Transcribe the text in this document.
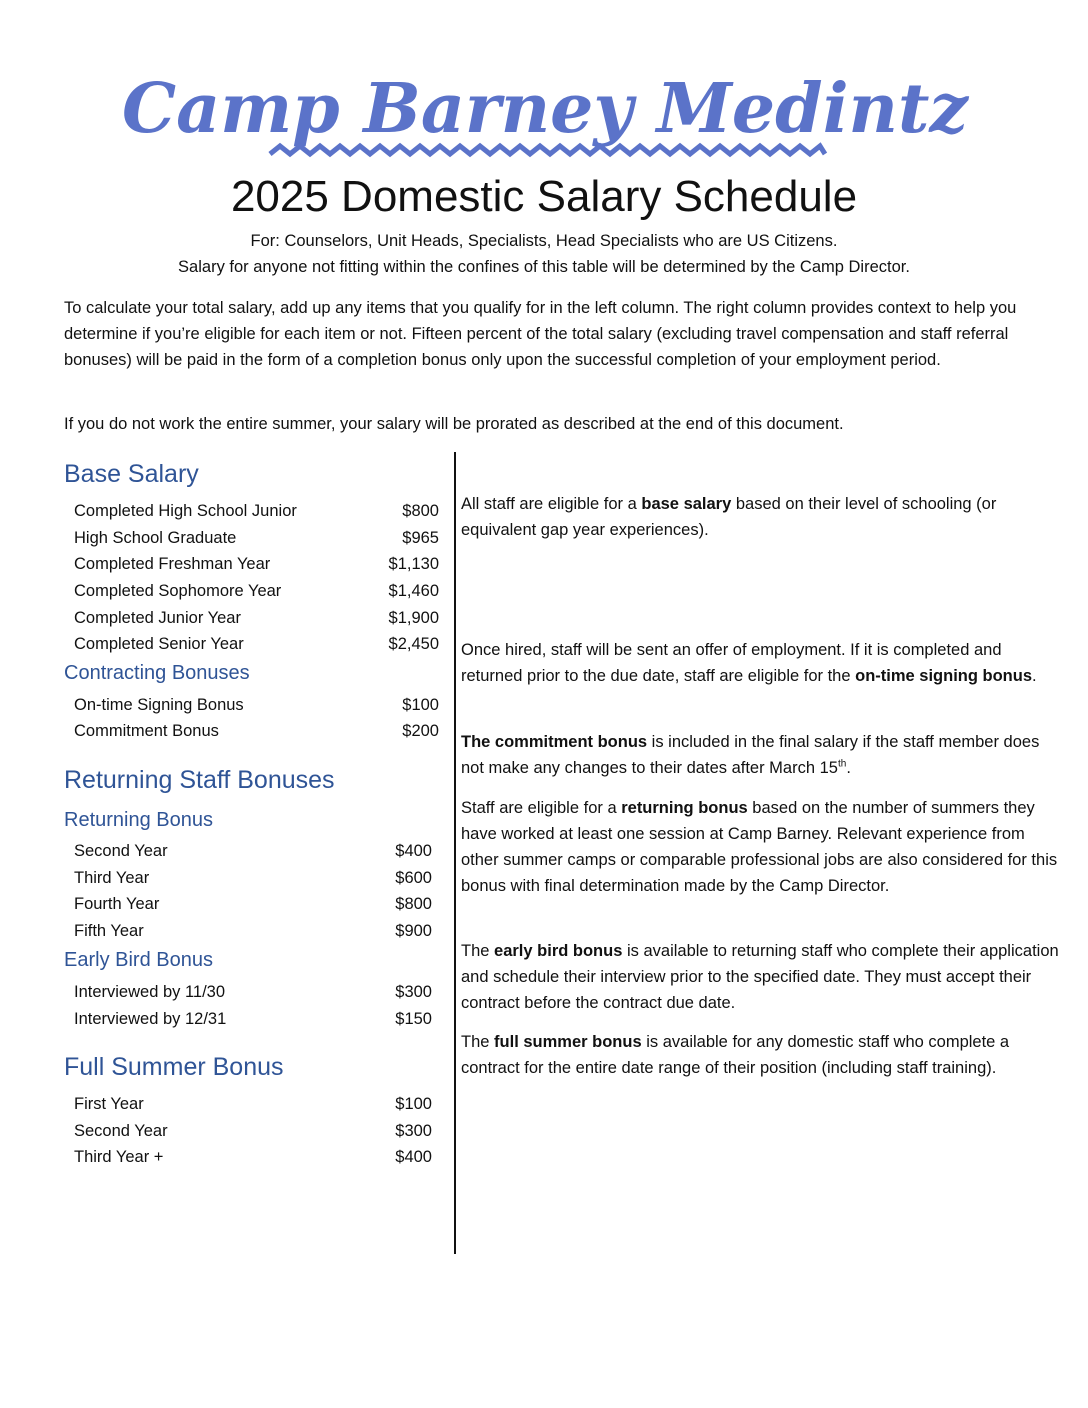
Camp Barney Medintz
2025 Domestic Salary Schedule
For: Counselors, Unit Heads, Specialists, Head Specialists who are US Citizens.
Salary for anyone not fitting within the confines of this table will be determined by the Camp Director.

To calculate your total salary, add up any items that you qualify for in the left column. The right column provides context to help you determine if you’re eligible for each item or not. Fifteen percent of the total salary (excluding travel compensation and staff referral bonuses) will be paid in the form of a completion bonus only upon the successful completion of your employment period.

If you do not work the entire summer, your salary will be prorated as described at the end of this document.

Base Salary
Completed High School Junior	$800
High School Graduate	$965
Completed Freshman Year	$1,130
Completed Sophomore Year	$1,460
Completed Junior Year	$1,900
Completed Senior Year	$2,450
Contracting Bonuses
On-time Signing Bonus	$100
Commitment Bonus	$200
Returning Staff Bonuses
Returning Bonus
Second Year	$400
Third Year	$600
Fourth Year	$800
Fifth Year	$900
Early Bird Bonus
Interviewed by 11/30	$300
Interviewed by 12/31	$150
Full Summer Bonus
First Year	$100
Second Year	$300
Third Year +	$400

All staff are eligible for a base salary based on their level of schooling (or equivalent gap year experiences).

Once hired, staff will be sent an offer of employment. If it is completed and returned prior to the due date, staff are eligible for the on-time signing bonus.

The commitment bonus is included in the final salary if the staff member does not make any changes to their dates after March 15th.

Staff are eligible for a returning bonus based on the number of summers they have worked at least one session at Camp Barney. Relevant experience from other summer camps or comparable professional jobs are also considered for this bonus with final determination made by the Camp Director.

The early bird bonus is available to returning staff who complete their application and schedule their interview prior to the specified date. They must accept their contract before the contract due date.

The full summer bonus is available for any domestic staff who complete a contract for the entire date range of their position (including staff training).
